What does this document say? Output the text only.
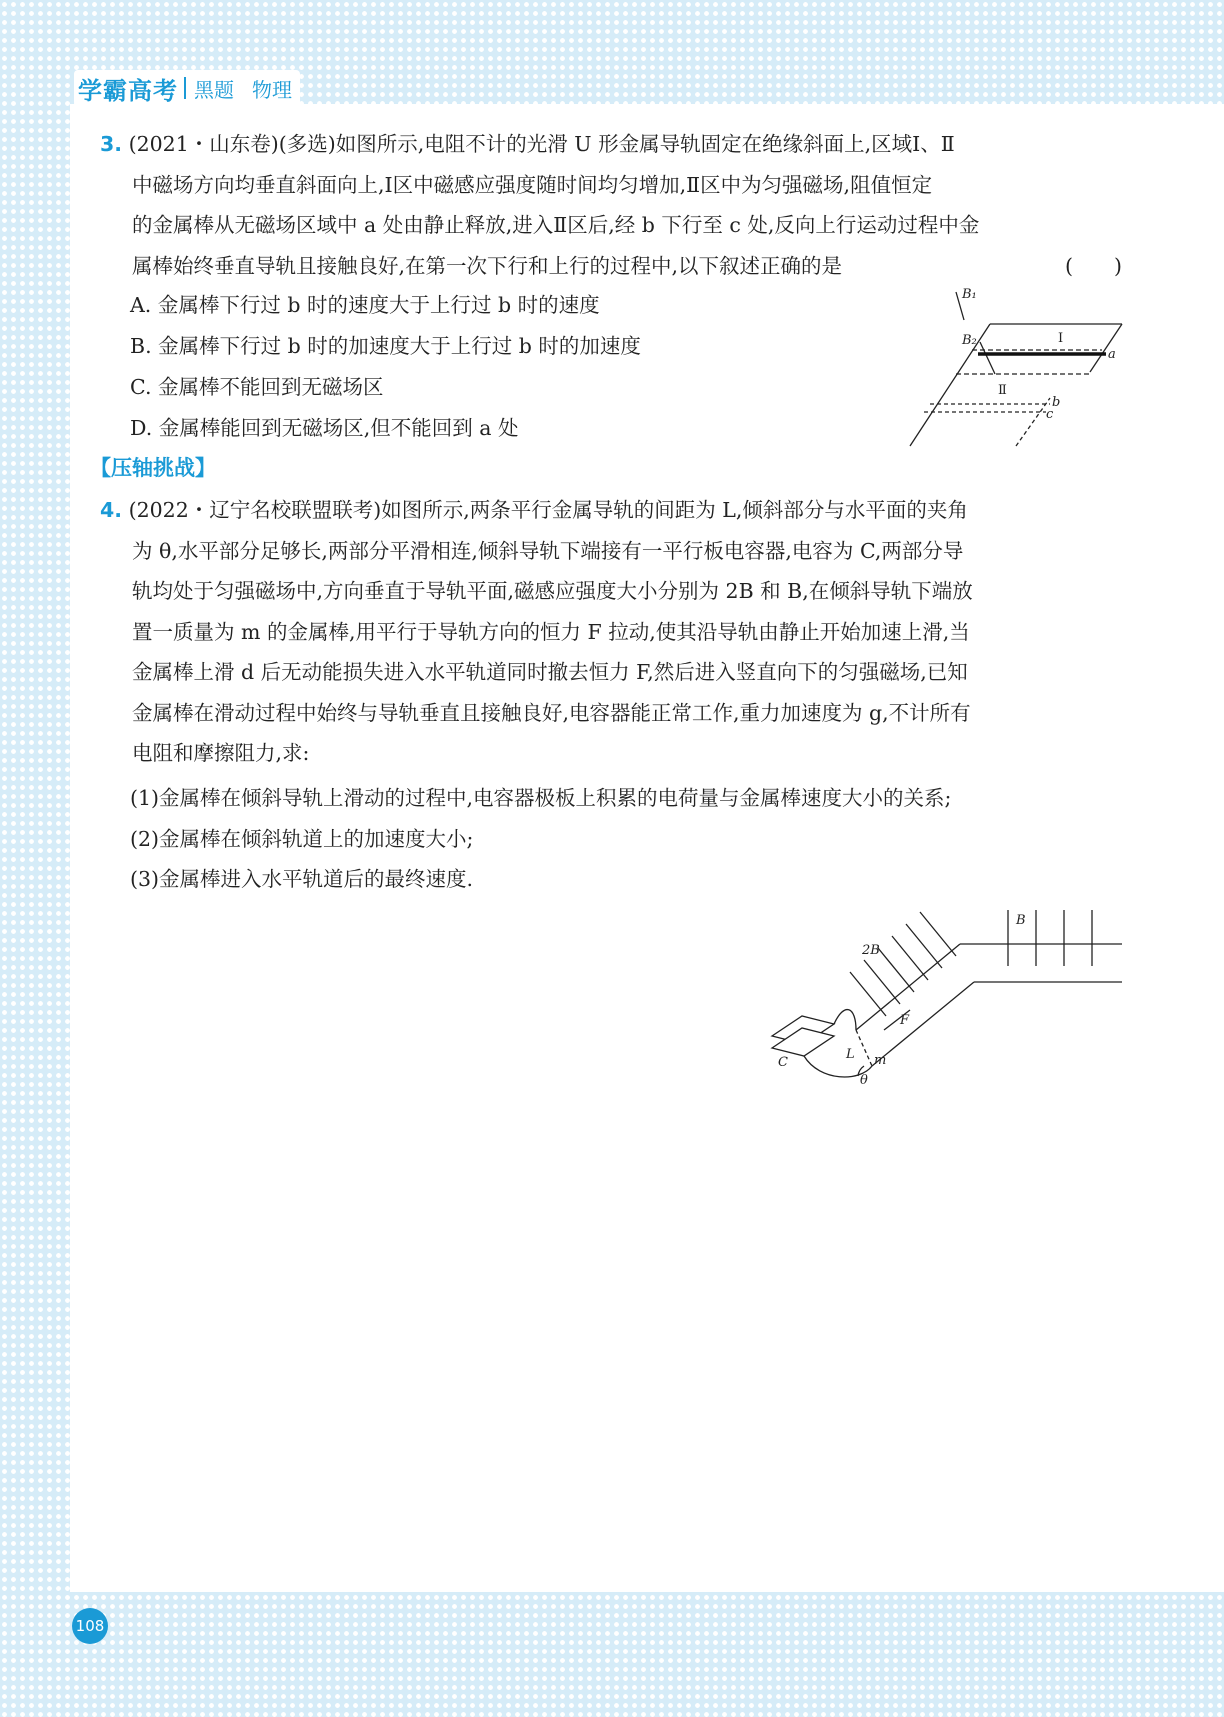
学霸高考 黑题 物理
3. (2021・山东卷)(多选)如图所示,电阻不计的光滑 U 形金属导轨固定在绝缘斜面上,区域Ⅰ、Ⅱ
中磁场方向均垂直斜面向上,Ⅰ区中磁感应强度随时间均匀增加,Ⅱ区中为匀强磁场,阻值恒定
的金属棒从无磁场区域中 a 处由静止释放,进入Ⅱ区后,经 b 下行至 c 处,反向上行运动过程中金
属棒始终垂直导轨且接触良好,在第一次下行和上行的过程中,以下叙述正确的是	(　　)
A. 金属棒下行过 b 时的速度大于上行过 b 时的速度
B. 金属棒下行过 b 时的加速度大于上行过 b 时的加速度
C. 金属棒不能回到无磁场区
D. 金属棒能回到无磁场区,但不能回到 a 处
B₁
B₂	Ⅰ
Ⅱ
a
b
c
【压轴挑战】
4. (2022・辽宁名校联盟联考)如图所示,两条平行金属导轨的间距为 L,倾斜部分与水平面的夹角
为 θ,水平部分足够长,两部分平滑相连,倾斜导轨下端接有一平行板电容器,电容为 C,两部分导
轨均处于匀强磁场中,方向垂直于导轨平面,磁感应强度大小分别为 2B 和 B,在倾斜导轨下端放
置一质量为 m 的金属棒,用平行于导轨方向的恒力 F 拉动,使其沿导轨由静止开始加速上滑,当
金属棒上滑 d 后无动能损失进入水平轨道同时撤去恒力 F,然后进入竖直向下的匀强磁场,已知
金属棒在滑动过程中始终与导轨垂直且接触良好,电容器能正常工作,重力加速度为 g,不计所有
电阻和摩擦阻力,求:
(1)金属棒在倾斜导轨上滑动的过程中,电容器极板上积累的电荷量与金属棒速度大小的关系;
(2)金属棒在倾斜轨道上的加速度大小;
(3)金属棒进入水平轨道后的最终速度.
B
2B
F
C
L m
θ
108
